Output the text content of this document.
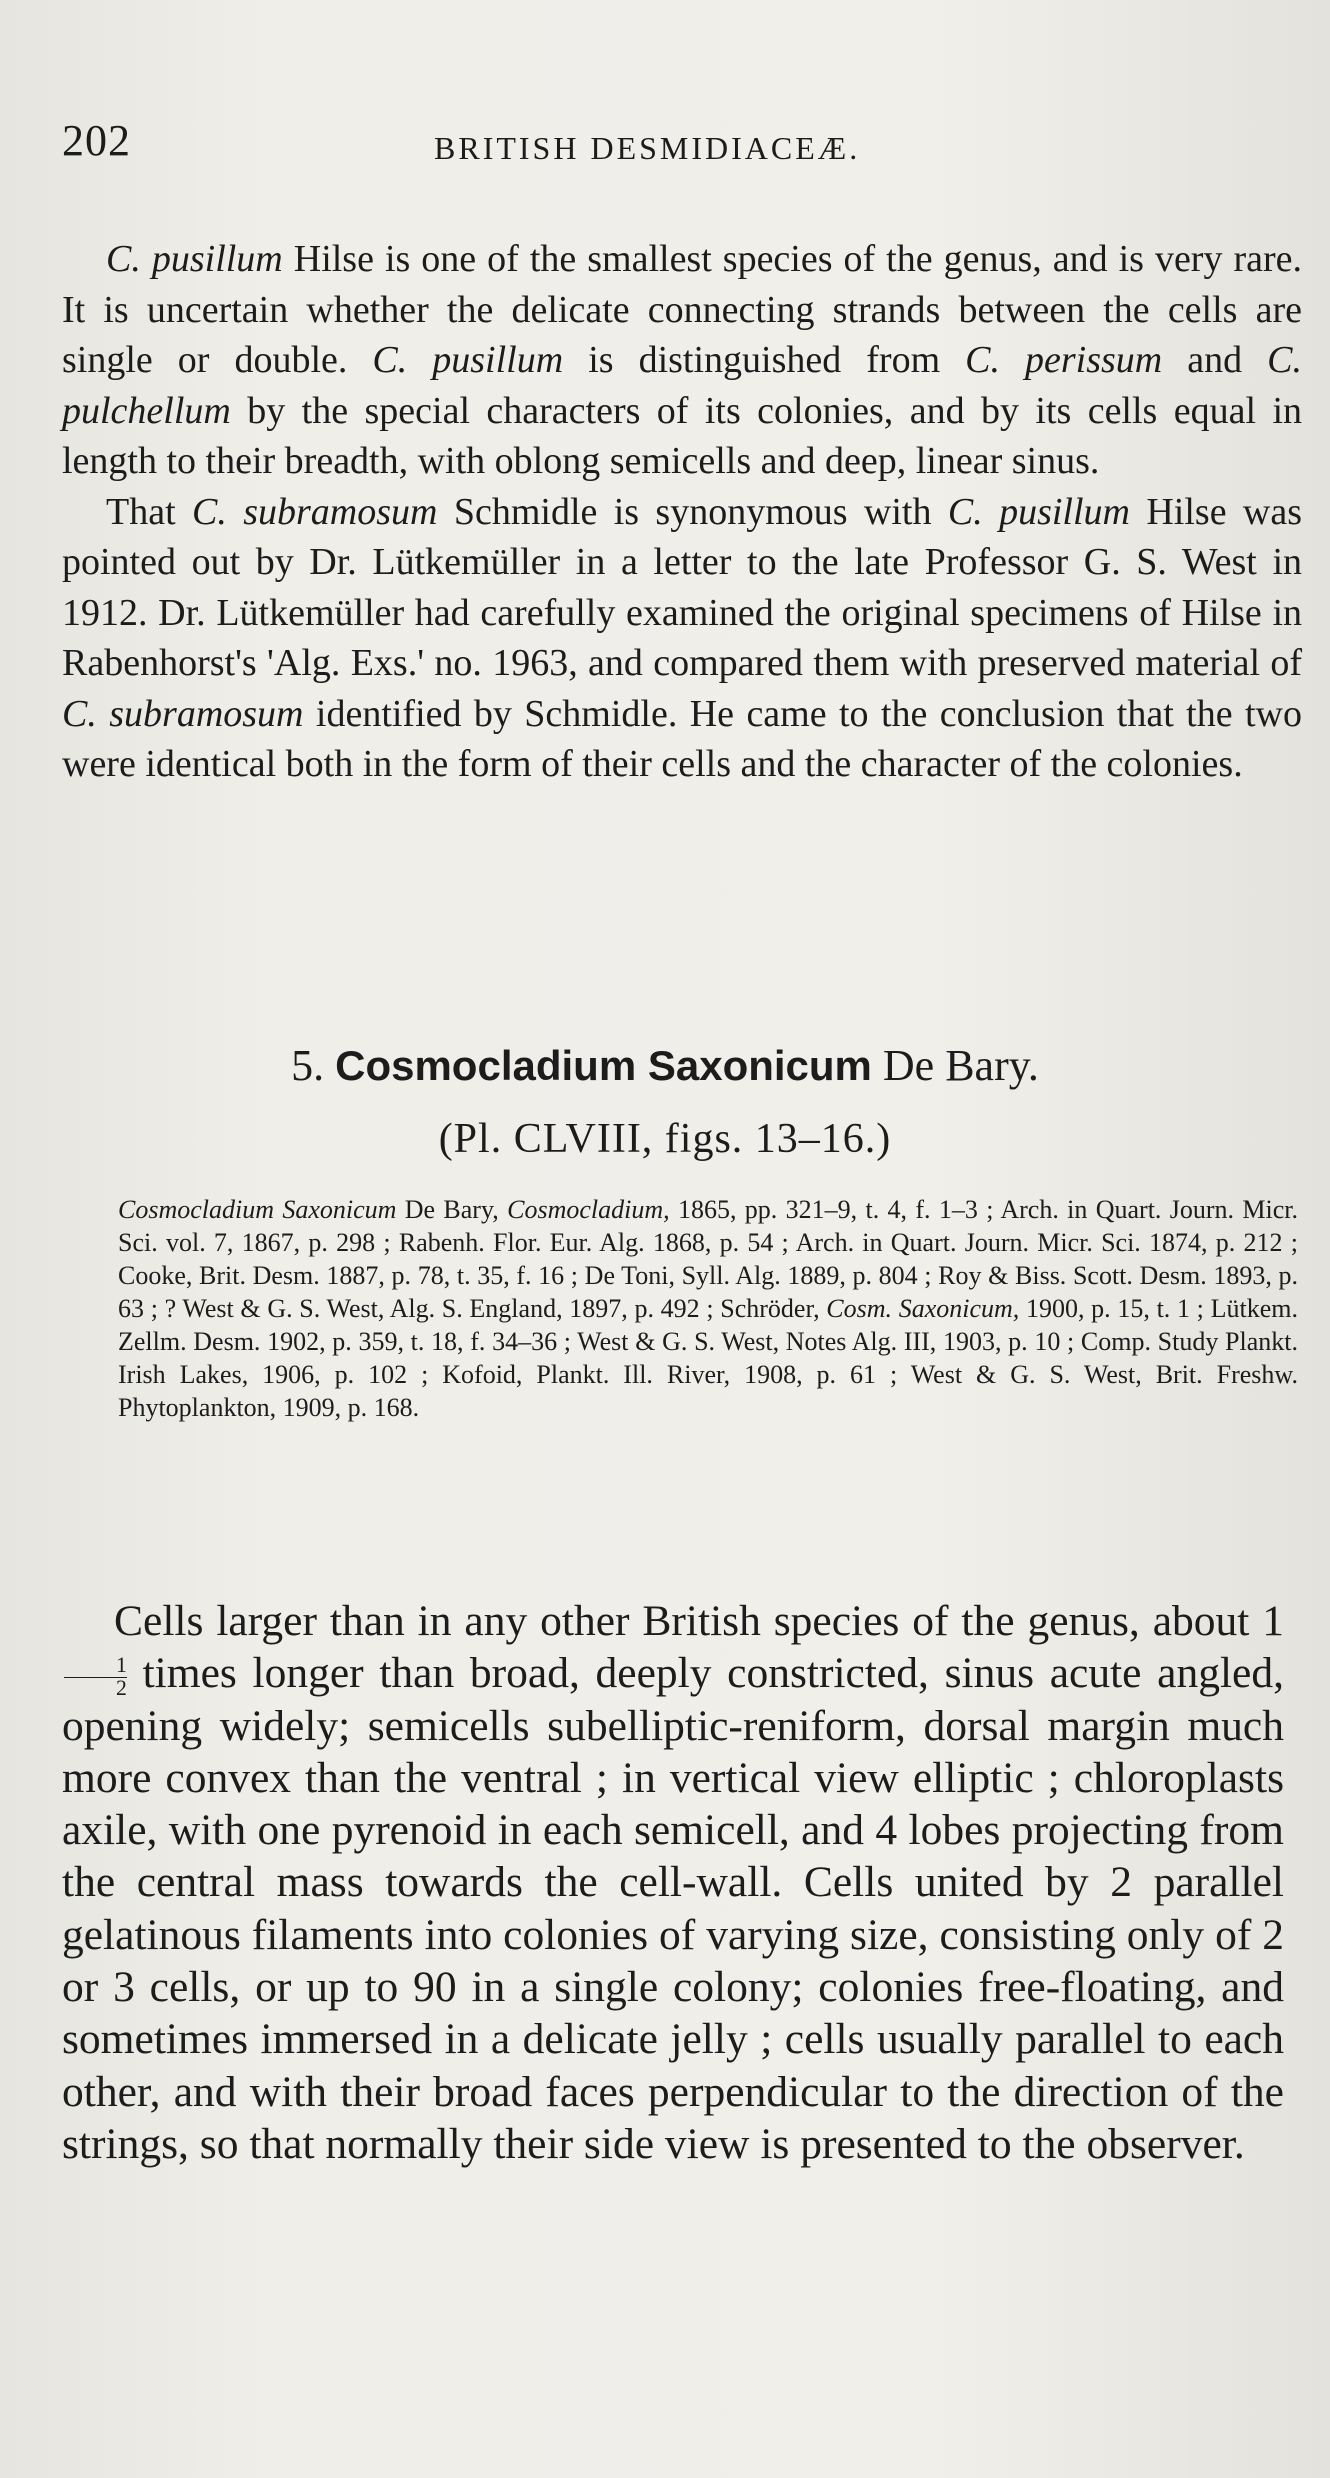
202	BRITISH DESMIDIACEÆ.

C. pusillum Hilse is one of the smallest species of the genus, and is very rare. It is uncertain whether the delicate connecting strands between the cells are single or double. C. pusillum is distinguished from C. perissum and C. pulchellum by the special characters of its colonies, and by its cells equal in length to their breadth, with oblong semicells and deep, linear sinus.

That C. subramosum Schmidle is synonymous with C. pusillum Hilse was pointed out by Dr. Lütkemüller in a letter to the late Professor G. S. West in 1912. Dr. Lütkemüller had carefully examined the original specimens of Hilse in Rabenhorst's 'Alg. Exs.' no. 1963, and compared them with preserved material of C. subramosum identified by Schmidle. He came to the conclusion that the two were identical both in the form of their cells and the character of the colonies.

5. Cosmocladium Saxonicum De Bary.
(Pl. CLVIII, figs. 13–16.)
Cosmocladium Saxonicum De Bary, Cosmocladium, 1865, pp. 321–9, t. 4, f. 1–3 ; Arch. in Quart. Journ. Micr. Sci. vol. 7, 1867, p. 298 ; Rabenh. Flor. Eur. Alg. 1868, p. 54 ; Arch. in Quart. Journ. Micr. Sci. 1874, p. 212 ; Cooke, Brit. Desm. 1887, p. 78, t. 35, f. 16 ; De Toni, Syll. Alg. 1889, p. 804 ; Roy & Biss. Scott. Desm. 1893, p. 63 ; ? West & G. S. West, Alg. S. England, 1897, p. 492 ; Schröder, Cosm. Saxonicum, 1900, p. 15, t. 1 ; Lütkem. Zellm. Desm. 1902, p. 359, t. 18, f. 34–36 ; West & G. S. West, Notes Alg. III, 1903, p. 10 ; Comp. Study Plankt. Irish Lakes, 1906, p. 102 ; Kofoid, Plankt. Ill. River, 1908, p. 61 ; West & G. S. West, Brit. Freshw. Phytoplankton, 1909, p. 168.
Cells larger than in any other British species of the genus, about 1
$\frac{1}{2}$ times longer than broad, deeply constricted, sinus acute angled, opening widely; semicells subelliptic-reniform, dorsal margin much more convex than the ventral ; in vertical view elliptic ; chloroplasts axile, with one pyrenoid in each semicell, and 4 lobes projecting from the central mass towards the cell-wall. Cells united by 2 parallel gelatinous filaments into colonies of varying size, consisting only of 2 or 3 cells, or up to 90 in a single colony; colonies free-floating, and sometimes immersed in a delicate jelly ; cells usually parallel to each other, and with their broad faces perpendicular to the direction of the strings, so that normally their side view is presented to the observer.
